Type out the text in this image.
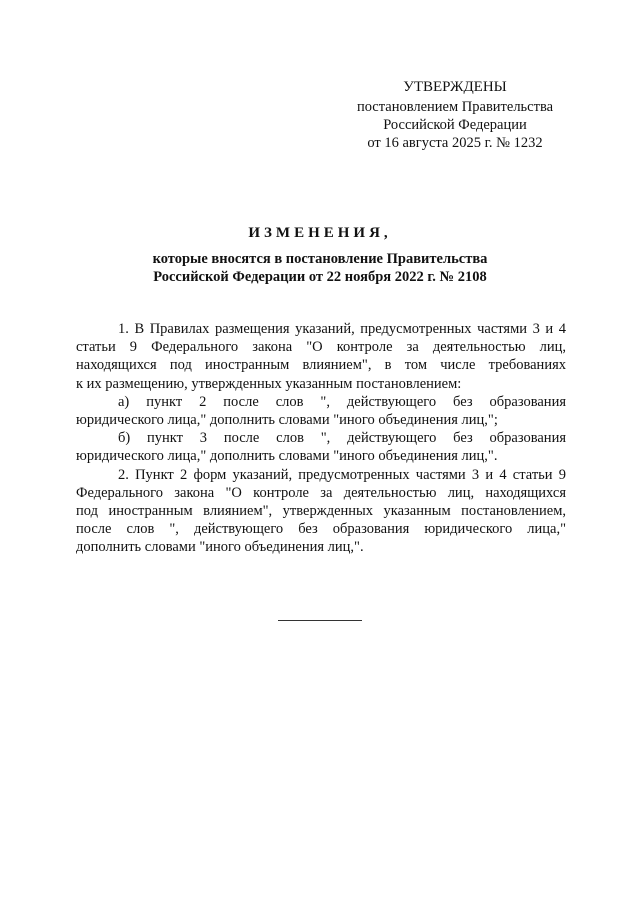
УТВЕРЖДЕНЫ
постановлением Правительства
Российской Федерации
от 16 августа 2025 г. № 1232
ИЗМЕНЕНИЯ,
которые вносятся в постановление Правительства
Российской Федерации от 22 ноября 2022 г. № 2108
1. В Правилах размещения указаний, предусмотренных частями 3 и 4
статьи 9 Федерального закона "О контроле за деятельностью лиц,
находящихся под иностранным влиянием", в том числе требованиях
к их размещению, утвержденных указанным постановлением:
а) пункт 2 после слов ", действующего без образования
юридического лица," дополнить словами "иного объединения лиц,";
б) пункт 3 после слов ", действующего без образования
юридического лица," дополнить словами "иного объединения лиц,".
2. Пункт 2 форм указаний, предусмотренных частями 3 и 4 статьи 9
Федерального закона "О контроле за деятельностью лиц, находящихся
под иностранным влиянием", утвержденных указанным постановлением,
после слов ", действующего без образования юридического лица,"
дополнить словами "иного объединения лиц,".
